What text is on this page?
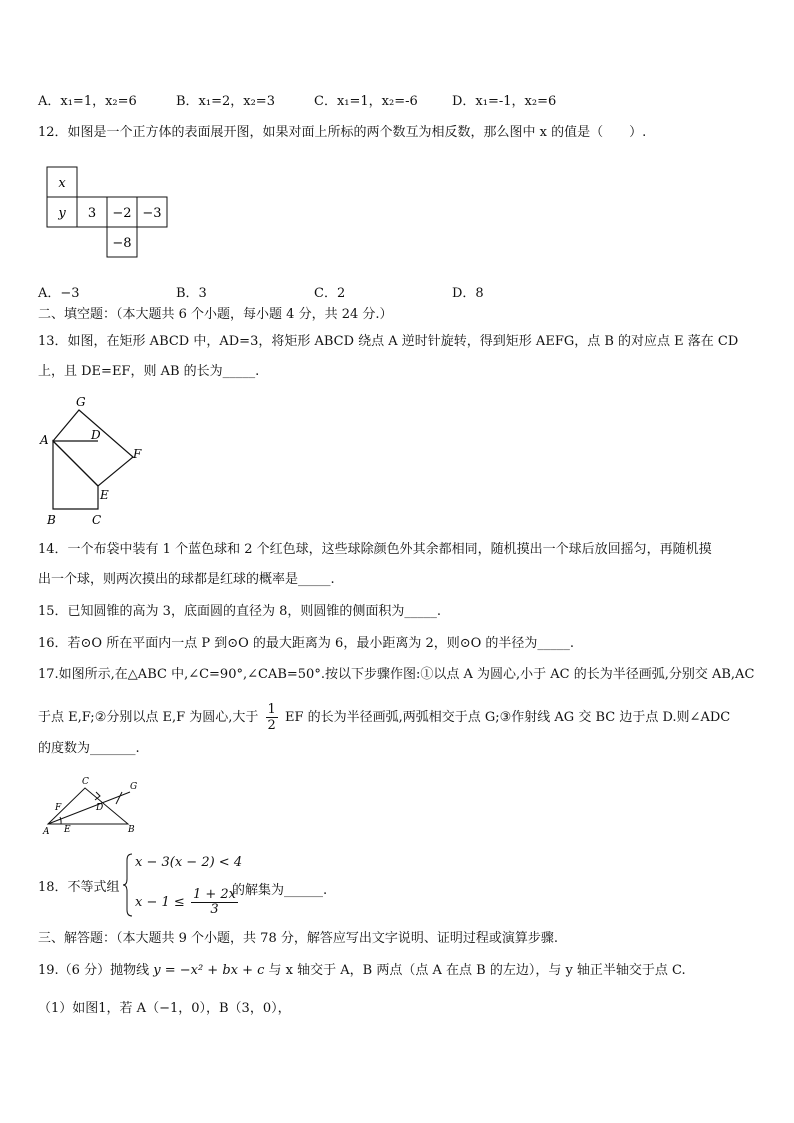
A．x₁=1，x₂=6	B．x₁=2，x₂=3	C．x₁=1，x₂=-6	D．x₁=-1，x₂=6
12．如图是一个正方体的表面展开图，如果对面上所标的两个数互为相反数，那么图中 x 的值是（　　）.
x
y 3 −2 −3
−8
A．−3	B．3	C．2	D．8
二、填空题：（本大题共 6 个小题，每小题 4 分，共 24 分.）
13．如图，在矩形 ABCD 中，AD=3，将矩形 ABCD 绕点 A 逆时针旋转，得到矩形 AEFG，点 B 的对应点 E 落在 CD
上，且 DE=EF，则 AB 的长为_____.
G
A	D
F
E
B	C
14．一个布袋中装有 1 个蓝色球和 2 个红色球，这些球除颜色外其余都相同，随机摸出一个球后放回摇匀，再随机摸
出一个球，则两次摸出的球都是红球的概率是_____.
15．已知圆锥的高为 3，底面圆的直径为 8，则圆锥的侧面积为_____.
16．若⊙O 所在平面内一点 P 到⊙O 的最大距离为 6，最小距离为 2，则⊙O 的半径为_____.
17.如图所示,在△ABC 中,∠C=90°,∠CAB=50°.按以下步骤作图:①以点 A 为圆心,小于 AC 的长为半径画弧,分别交 AB,AC
于点 E,F;②分别以点 E,F 为圆心,大于 $\frac{1}{2}$ EF 的长为半径画弧,两弧相交于点 G;③作射线 AG 交 BC 边于点 D.则∠ADC
的度数为_______.
C	G
F	D
A E	B
18．不等式组
x − 3(x − 2) < 4
$x - 1 \le \frac{1 + 2x}{3}$
的解集为______.
三、解答题：（本大题共 9 个小题，共 78 分，解答应写出文字说明、证明过程或演算步骤.
19.（6 分）抛物线 y = −x² + bx + c 与 x 轴交于 A，B 两点（点 A 在点 B 的左边），与 y 轴正半轴交于点 C.
（1）如图1，若 A（−1，0），B（3，0），
